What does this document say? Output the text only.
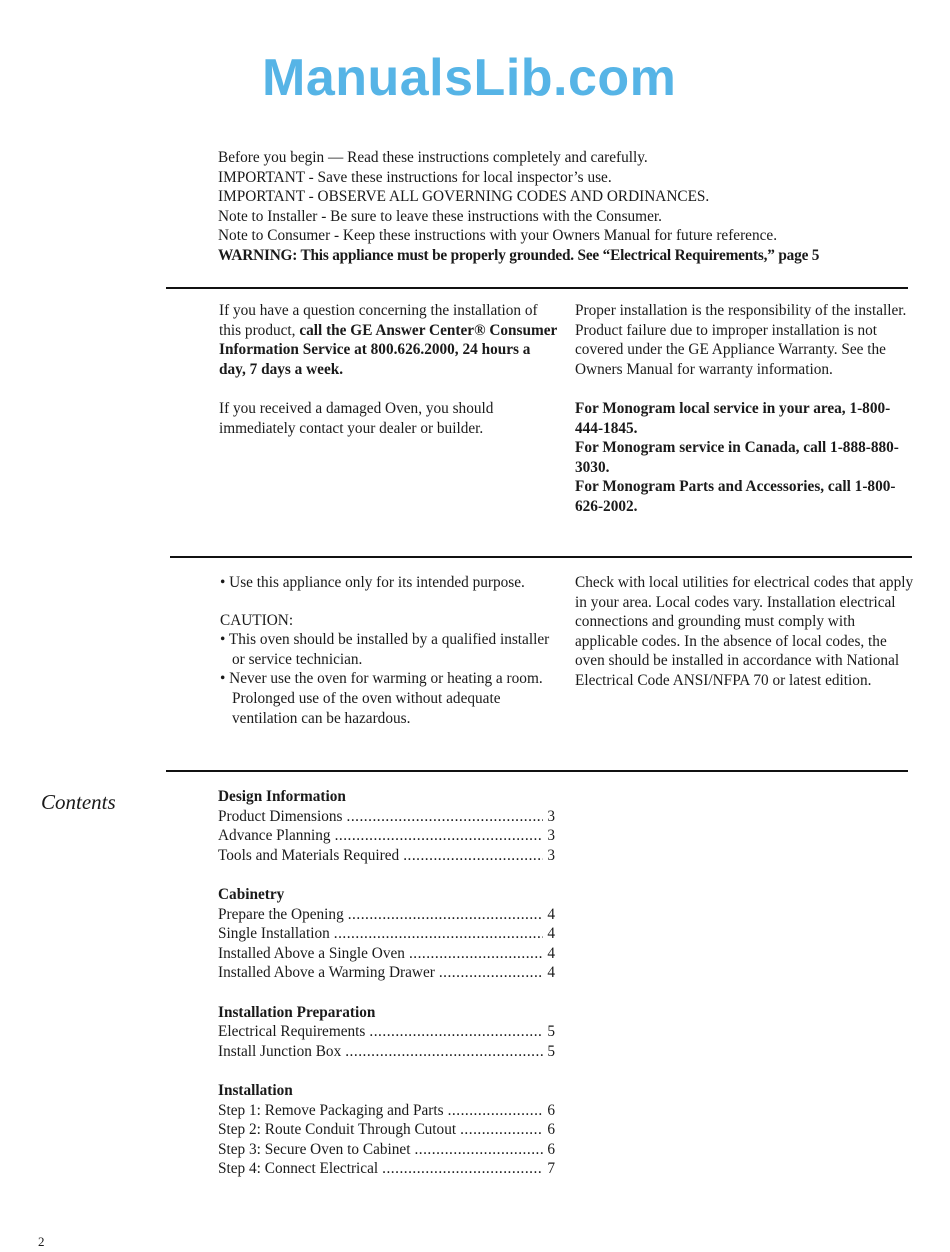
ManualsLib.com

Before you begin — Read these instructions completely and carefully.

IMPORTANT - Save these instructions for local inspector’s use.

IMPORTANT - OBSERVE ALL GOVERNING CODES AND ORDINANCES.

Note to Installer - Be sure to leave these instructions with the Consumer.

Note to Consumer - Keep these instructions with your Owners Manual for future reference.

WARNING: This appliance must be properly grounded. See “Electrical Requirements,” page 5

If you have a question concerning the installation of this product, call the GE Answer Center® Consumer Information Service at 800.626.2000, 24 hours a day, 7 days a week.

If you received a damaged Oven, you should immediately contact your dealer or builder.

Proper installation is the responsibility of the installer. Product failure due to improper installation is not covered under the GE Appliance Warranty. See the Owners Manual for warranty information.

For Monogram local service in your area, 1-800-444-1845.

For Monogram service in Canada, call 1-888-880-3030.

For Monogram Parts and Accessories, call 1-800-626-2002.

• Use this appliance only for its intended purpose.

CAUTION:

• This oven should be installed by a qualified installer or service technician.

• Never use the oven for warming or heating a room. Prolonged use of the oven without adequate ventilation can be hazardous.

Check with local utilities for electrical codes that apply in your area. Local codes vary. Installation electrical connections and grounding must comply with applicable codes. In the absence of local codes, the oven should be installed in accordance with National Electrical Code ANSI/NFPA 70 or latest edition.

Contents	Design Information

Product Dimensions .....	3
Advance Planning .....	3
Tools and Materials Required .....	3

Cabinetry

Prepare the Opening .....	4
Single Installation .....	4
Installed Above a Single Oven .....	4
Installed Above a Warming Drawer .....	4

Installation Preparation

Electrical Requirements .....	5
Install Junction Box .....	5

Installation

Step 1: Remove Packaging and Parts .....	6
Step 2: Route Conduit Through Cutout .....	6
Step 3: Secure Oven to Cabinet .....	6
Step 4: Connect Electrical .....	7
2
